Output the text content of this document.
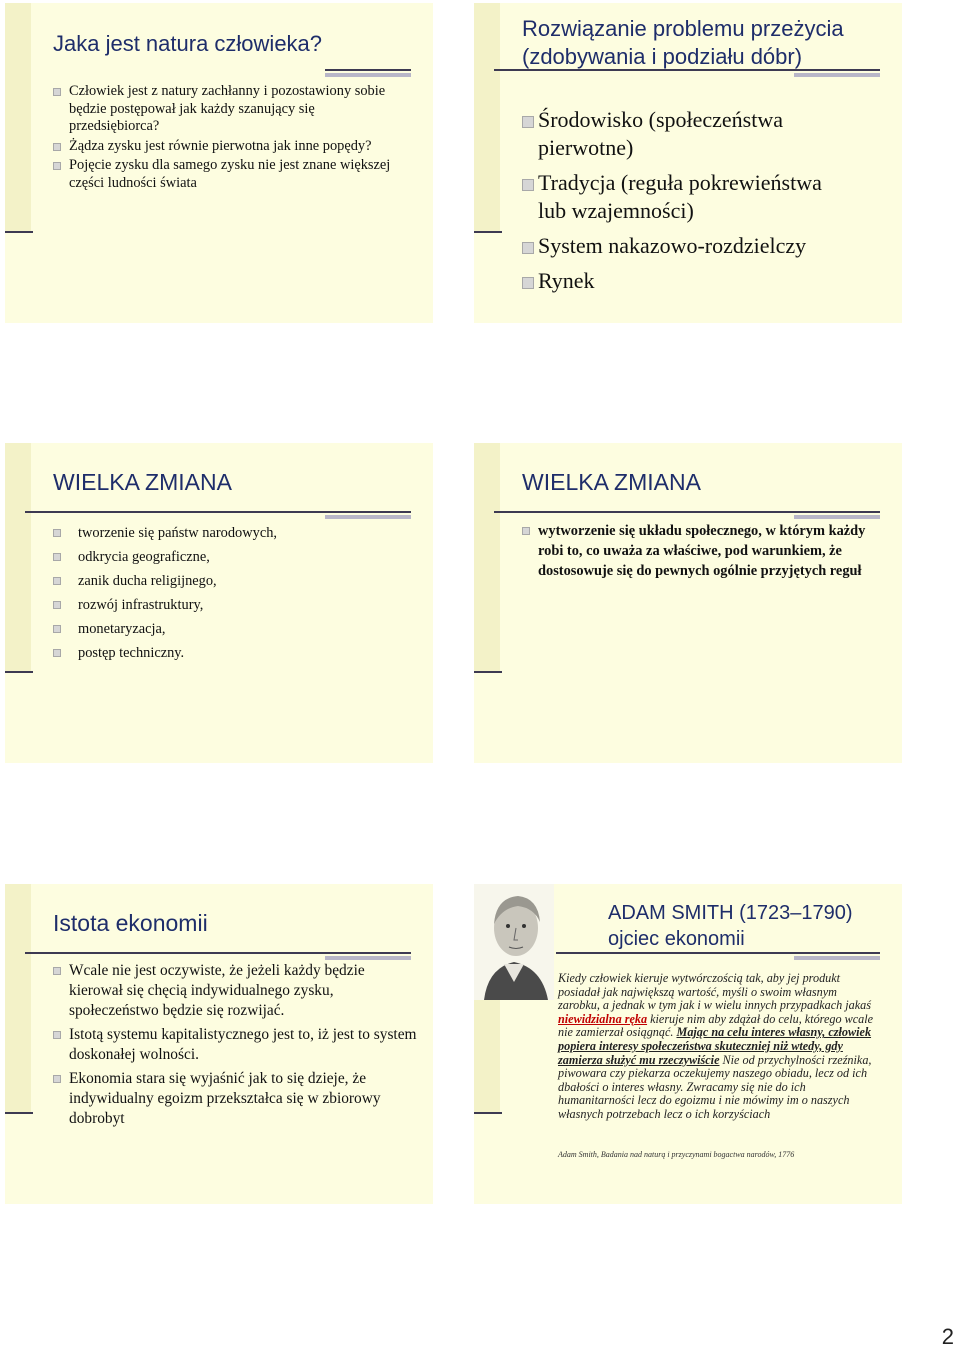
Jaka jest natura człowieka?
Człowiek jest z natury zachłanny i pozostawiony sobie będzie postępował jak każdy szanujący się przedsiębiorca?
Żądza zysku jest równie pierwotna jak inne popędy?
Pojęcie zysku dla samego zysku nie jest znane większej części ludności świata
Rozwiązanie problemu przeżycia
(zdobywania i podziału dóbr)
Środowisko (społeczeństwa pierwotne)
Tradycja (reguła pokrewieństwa lub wzajemności)
System nakazowo-rozdzielczy
Rynek
WIELKA ZMIANA
tworzenie się państw narodowych,
odkrycia geograficzne,
zanik ducha religijnego,
rozwój infrastruktury,
monetaryzacja,
postęp techniczny.
WIELKA ZMIANA
wytworzenie się układu społecznego, w którym każdy robi to, co uważa za właściwe, pod warunkiem, że dostosowuje się do pewnych ogólnie przyjętych reguł
Istota ekonomii
Wcale nie jest oczywiste, że jeżeli każdy będzie kierował się chęcią indywidualnego zysku, społeczeństwo będzie się rozwijać.
Istotą systemu kapitalistycznego jest to, iż jest to system doskonałej wolności.
Ekonomia stara się wyjaśnić jak to się dzieje, że indywidualny egoizm przekształca się w zbiorowy dobrobyt
ADAM SMITH (1723–1790)
ojciec ekonomii
Kiedy człowiek kieruje wytwórczością tak, aby jej produkt posiadał jak największą wartość, myśli o swoim własnym zarobku, a jednak w tym jak i w wielu innych przypadkach jakaś niewidzialna ręka kieruje nim aby zdążał do celu, którego wcale nie zamierzał osiągnąć. Mając na celu interes własny, człowiek popiera interesy społeczeństwa skuteczniej niż wtedy, gdy zamierza służyć mu rzeczywiście Nie od przychylności rzeźnika, piwowara czy piekarza oczekujemy naszego obiadu, lecz od ich dbałości o interes własny. Zwracamy się nie do ich humanitarności lecz do egoizmu i nie mówimy im o naszych własnych potrzebach lecz o ich korzyściach
Adam Smith, Badania nad naturą i przyczynami bogactwa narodów, 1776
2
